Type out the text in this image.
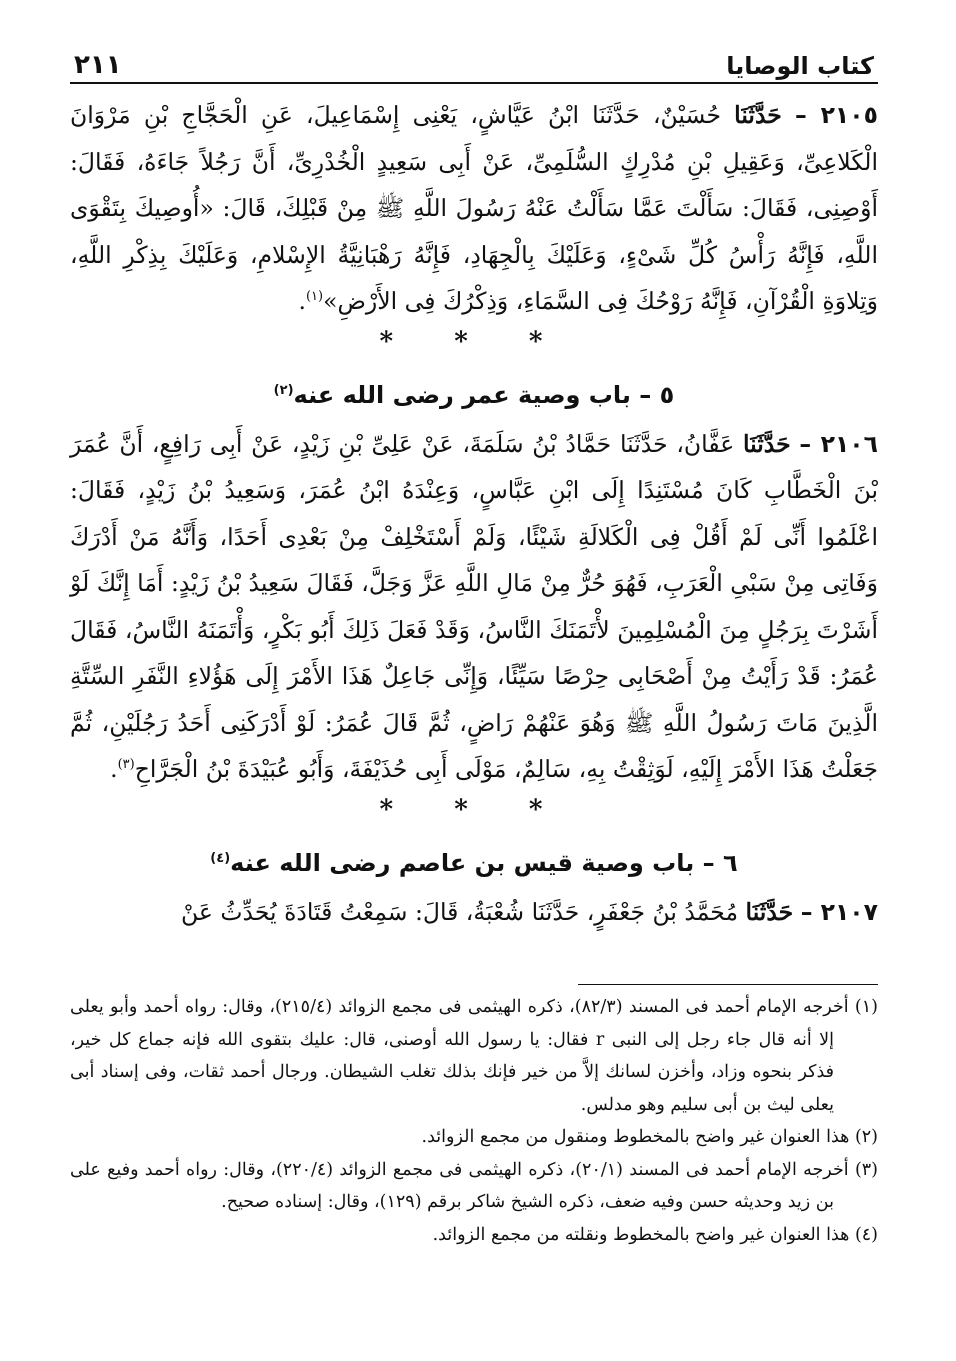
كتاب الوصايا
٢١١

٢١٠٥ – حَدَّثَنَا حُسَيْنٌ، حَدَّثَنَا ابْنُ عَيَّاشٍ، يَعْنِى إِسْمَاعِيلَ، عَنِ الْحَجَّاجِ بْنِ مَرْوَانَ الْكَلاعِىِّ، وَعَقِيلِ بْنِ مُدْرِكٍ السُّلَمِىِّ، عَنْ أَبِى سَعِيدٍ الْخُدْرِىِّ، أَنَّ رَجُلاً جَاءَهُ، فَقَالَ: أَوْصِنِى، فَقَالَ: سَأَلْتَ عَمَّا سَأَلْتُ عَنْهُ رَسُولَ اللَّهِ ﷺ مِنْ قَبْلِكَ، قَالَ: «أُوصِيكَ بِتَقْوَى اللَّهِ، فَإِنَّهُ رَأْسُ كُلِّ شَىْءٍ، وَعَلَيْكَ بِالْجِهَادِ، فَإِنَّهُ رَهْبَانِيَّةُ الإِسْلامِ، وَعَلَيْكَ بِذِكْرِ اللَّهِ، وَتِلاوَةِ الْقُرْآنِ، فَإِنَّهُ رَوْحُكَ فِى السَّمَاءِ، وَذِكْرُكَ فِى الأَرْضِ»$^{(١)}$.

* * *
٥ – باب وصية عمر رضى الله عنه$^{(٢)}$

٢١٠٦ – حَدَّثَنَا عَفَّانُ، حَدَّثَنَا حَمَّادُ بْنُ سَلَمَةَ، عَنْ عَلِىِّ بْنِ زَيْدٍ، عَنْ أَبِى رَافِعٍ، أَنَّ عُمَرَ بْنَ الْخَطَّابِ كَانَ مُسْتَنِدًا إِلَى ابْنِ عَبَّاسٍ، وَعِنْدَهُ ابْنُ عُمَرَ، وَسَعِيدُ بْنُ زَيْدٍ، فَقَالَ: اعْلَمُوا أَنِّى لَمْ أَقُلْ فِى الْكَلالَةِ شَيْئًا، وَلَمْ أَسْتَخْلِفْ مِنْ بَعْدِى أَحَدًا، وَأَنَّهُ مَنْ أَدْرَكَ وَفَاتِى مِنْ سَبْىِ الْعَرَبِ، فَهُوَ حُرٌّ مِنْ مَالِ اللَّهِ عَزَّ وَجَلَّ، فَقَالَ سَعِيدُ بْنُ زَيْدٍ: أَمَا إِنَّكَ لَوْ أَشَرْتَ بِرَجُلٍ مِنَ الْمُسْلِمِينَ لأْتَمَنَكَ النَّاسُ، وَقَدْ فَعَلَ ذَلِكَ أَبُو بَكْرٍ، وَأْتَمَنَهُ النَّاسُ، فَقَالَ عُمَرُ: قَدْ رَأَيْتُ مِنْ أَصْحَابِى حِرْصًا سَيِّئًا، وَإِنِّى جَاعِلٌ هَذَا الأَمْرَ إِلَى هَؤُلاءِ النَّفَرِ السِّتَّةِ الَّذِينَ مَاتَ رَسُولُ اللَّهِ ﷺ وَهُوَ عَنْهُمْ رَاضٍ، ثُمَّ قَالَ عُمَرُ: لَوْ أَدْرَكَنِى أَحَدُ رَجُلَيْنِ، ثُمَّ جَعَلْتُ هَذَا الأَمْرَ إِلَيْهِ، لَوَثِقْتُ بِهِ، سَالِمٌ، مَوْلَى أَبِى حُذَيْفَةَ، وَأَبُو عُبَيْدَةَ بْنُ الْجَرَّاحِ$^{(٣)}$.

* * *
٦ – باب وصية قيس بن عاصم رضى الله عنه$^{(٤)}$

٢١٠٧ – حَدَّثَنَا مُحَمَّدُ بْنُ جَعْفَرٍ، حَدَّثَنَا شُعْبَةُ، قَالَ: سَمِعْتُ قَتَادَةَ يُحَدِّثُ عَنْ

(١) أخرجه الإمام أحمد فى المسند (٨٢/٣)، ذكره الهيثمى فى مجمع الزوائد (٢١٥/٤)، وقال: رواه أحمد وأبو يعلى إلا أنه قال جاء رجل إلى النبى r فقال: يا رسول الله أوصنى، قال: عليك بتقوى الله فإنه جماع كل خير، فذكر بنحوه وزاد، وأخزن لسانك إلاَّ من خير فإنك بذلك تغلب الشيطان. ورجال أحمد ثقات، وفى إسناد أبى يعلى ليث بن أبى سليم وهو مدلس.

(٢) هذا العنوان غير واضح بالمخطوط ومنقول من مجمع الزوائد.

(٣) أخرجه الإمام أحمد فى المسند (٢٠/١)، ذكره الهيثمى فى مجمع الزوائد (٢٢٠/٤)، وقال: رواه أحمد وفيع على بن زيد وحديثه حسن وفيه ضعف، ذكره الشيخ شاكر برقم (١٢٩)، وقال: إسناده صحيح.

(٤) هذا العنوان غير واضح بالمخطوط ونقلته من مجمع الزوائد.
